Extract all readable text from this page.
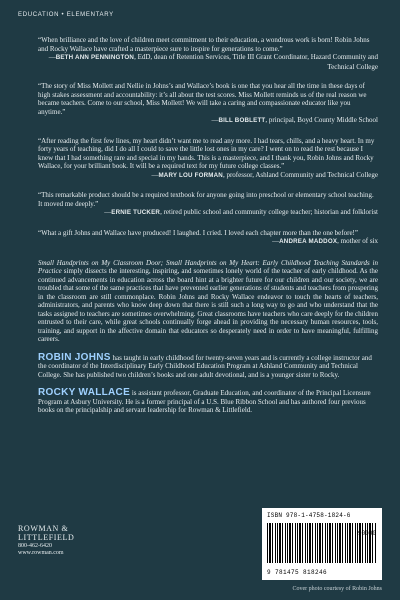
EDUCATION • ELEMENTARY

“When brilliance and the love of children meet commitment to their education, a wondrous work is born! Robin Johns and Rocky Wallace have crafted a masterpiece sure to inspire for generations to come.”

—BETH ANN PENNINGTON, EdD, dean of Retention Services, Title III Grant Coordinator, Hazard Community and Technical College

“The story of Miss Mollett and Nellie in Johns’s and Wallace’s book is one that you hear all the time in these days of high stakes assessment and accountability: it’s all about the test scores. Miss Mollett reminds us of the real reason we became teachers. Come to our school, Miss Mollett! We will take a caring and compassionate educator like you anytime.”

—BILL BOBLETT, principal, Boyd County Middle School

“After reading the first few lines, my heart didn’t want me to read any more. I had tears, chills, and a heavy heart. In my forty years of teaching, did I do all I could to save the little lost ones in my care? I went on to read the rest because I knew that I had something rare and special in my hands. This is a masterpiece, and I thank you, Robin Johns and Rocky Wallace, for your brilliant book. It will be a required text for my future college classes.”

—MARY LOU FORMAN, professor, Ashland Community and Technical College

“This remarkable product should be a required textbook for anyone going into preschool or elementary school teaching. It moved me deeply.”

—ERNIE TUCKER, retired public school and community college teacher; historian and folklorist

“What a gift Johns and Wallace have produced! I laughed. I cried. I loved each chapter more than the one before!”

—ANDREA MADDOX, mother of six

Small Handprints on My Classroom Door; Small Handprints on My Heart: Early Childhood Teaching Standards in Practice simply dissects the interesting, inspiring, and sometimes lonely world of the teacher of early childhood. As the continued advancements in education across the board hint at a brighter future for our children and our society, we are troubled that some of the same practices that have prevented earlier generations of students and teachers from prospering in the classroom are still commonplace. Robin Johns and Rocky Wallace endeavor to touch the hearts of teachers, administrators, and parents who know deep down that there is still such a long way to go and who understand that the tasks assigned to teachers are sometimes overwhelming. Great classrooms have teachers who care deeply for the children entrusted to their care, while great schools continually forge ahead in providing the necessary human resources, tools, training, and support in the affective domain that educators so desperately need in order to have meaningful, fulfilling careers.

ROBIN JOHNS has taught in early childhood for twenty-seven years and is currently a college instructor and the coordinator of the Interdisciplinary Early Childhood Education Program at Ashland Community and Technical College. She has published two children’s books and one adult devotional, and is a younger sister to Rocky.

ROCKY WALLACE is assistant professor, Graduate Education, and coordinator of the Principal Licensure Program at Asbury University. He is a former principal of a U.S. Blue Ribbon School and has authored four previous books on the principalship and servant leadership for Rowman & Littlefield.

ROWMAN &
LITTLEFIELD
800-462-6420
www.rowman.com
ISBN 978-1-4758-1824-6
90000
9 781475 818246
Cover photo courtesy of Robin Johns
